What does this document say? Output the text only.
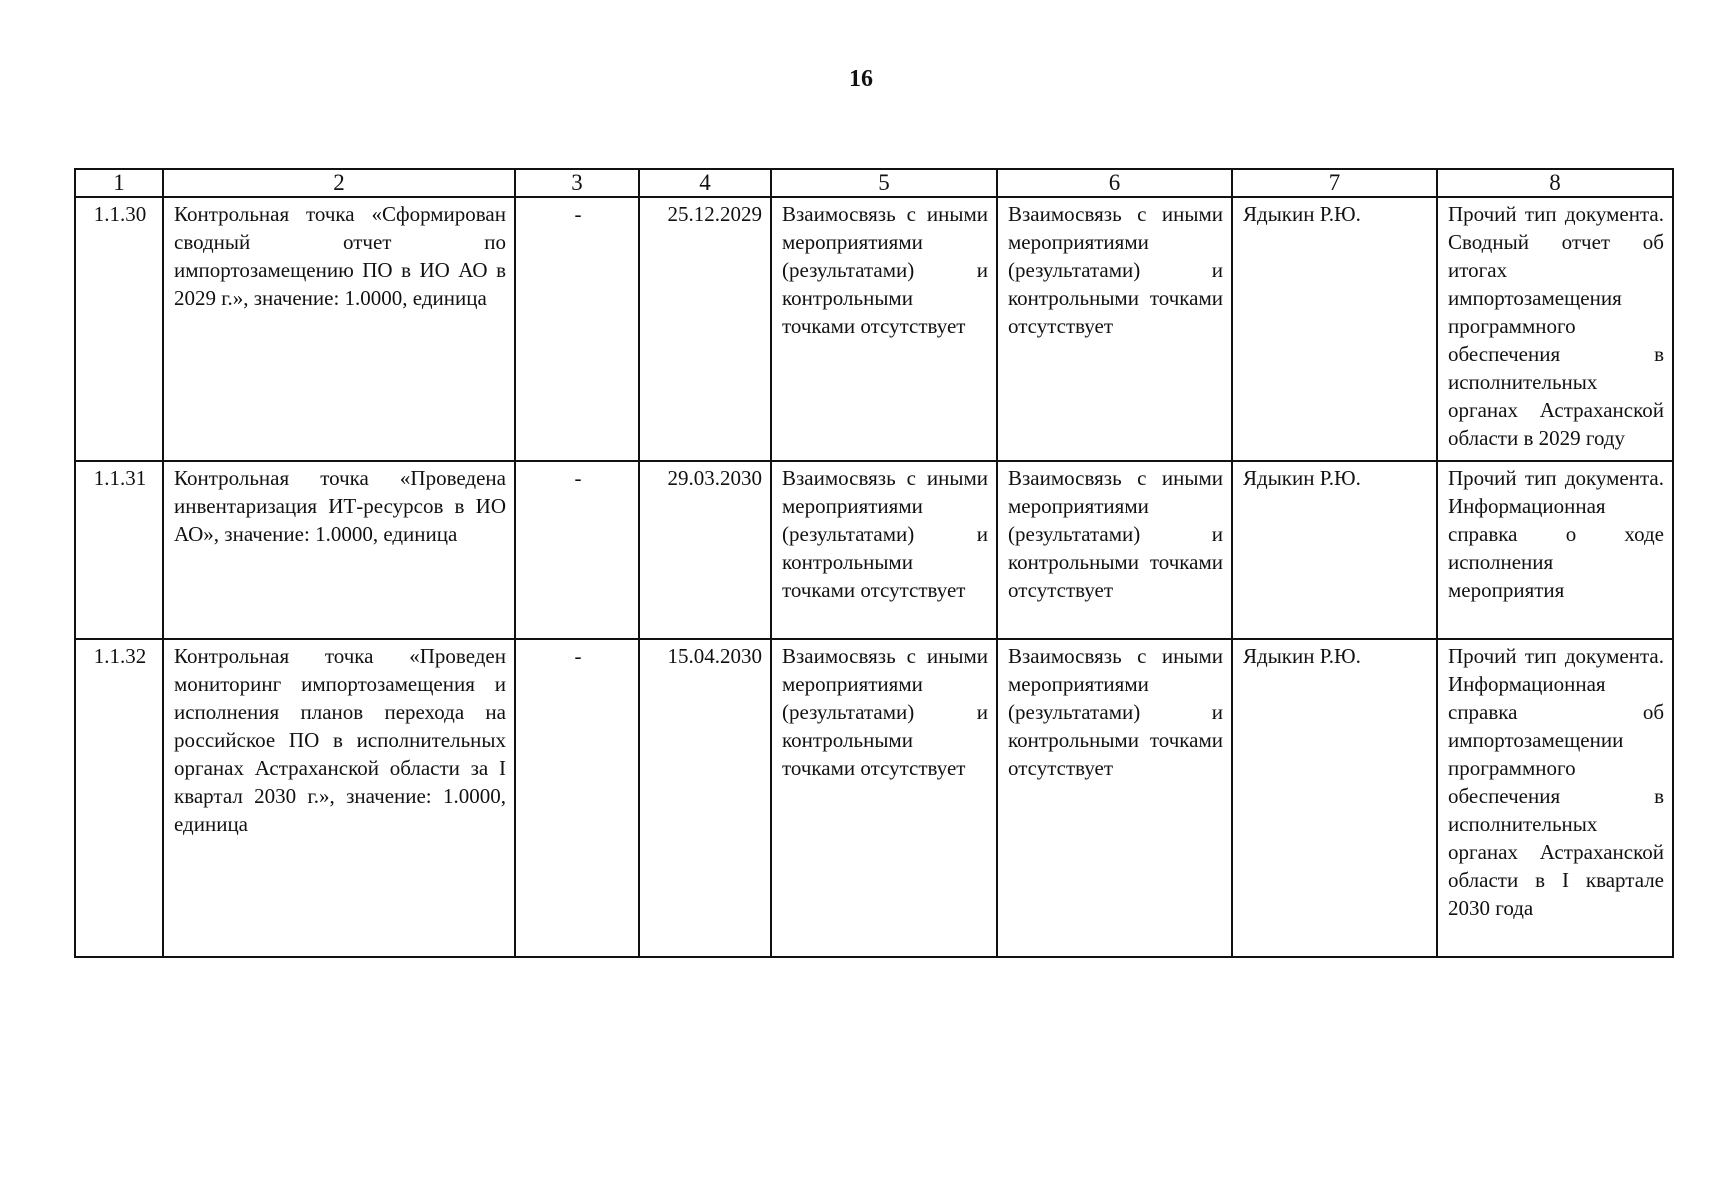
16
1	2	3	4	5	6	7	8
1.1.30	Контрольная точка «Сформирован сводный отчет по импортозамещению ПО в ИО АО в 2029 г.», значение: 1.0000, единица	-	25.12.2029	Взаимосвязь с иными мероприятиями (результатами) и контрольными точками отсутствует	Взаимосвязь с иными мероприятиями (результатами) и контрольными точками отсутствует	Ядыкин Р.Ю.	Прочий тип документа. Сводный отчет об итогах импортозамещения программного обеспечения в исполнительных органах Астраханской области в 2029 году
1.1.31	Контрольная точка «Проведена инвентаризация ИТ-ресурсов в ИО АО», значение: 1.0000, единица	-	29.03.2030	Взаимосвязь с иными мероприятиями (результатами) и контрольными точками отсутствует	Взаимосвязь с иными мероприятиями (результатами) и контрольными точками отсутствует	Ядыкин Р.Ю.	Прочий тип документа. Информационная справка о ходе исполнения мероприятия
1.1.32	Контрольная точка «Проведен мониторинг импортозамещения и исполнения планов перехода на российское ПО в исполнительных органах Астраханской области за I квартал 2030 г.», значение: 1.0000, единица	-	15.04.2030	Взаимосвязь с иными мероприятиями (результатами) и контрольными точками отсутствует	Взаимосвязь с иными мероприятиями (результатами) и контрольными точками отсутствует	Ядыкин Р.Ю.	Прочий тип документа. Информационная справка об импортозамещении программного обеспечения в исполнительных органах Астраханской области в I квартале 2030 года
